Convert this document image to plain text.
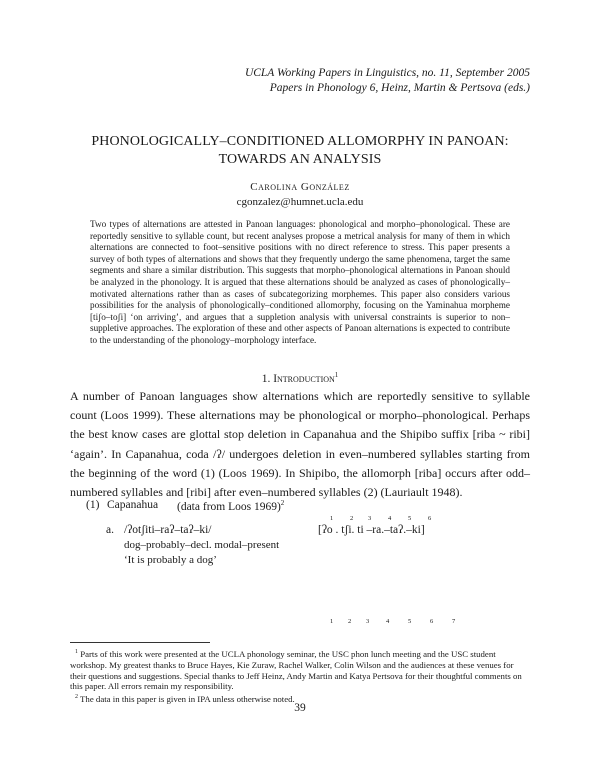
UCLA Working Papers in Linguistics, no. 11, September 2005
Papers in Phonology 6, Heinz, Martin & Pertsova (eds.)
PHONOLOGICALLY–CONDITIONED ALLOMORPHY IN PANOAN:
TOWARDS AN ANALYSIS
Carolina González
cgonzalez@humnet.ucla.edu
Two types of alternations are attested in Panoan languages: phonological and morpho–phonological. These are reportedly sensitive to syllable count, but recent analyses propose a metrical analysis for many of them in which alternations are connected to foot–sensitive positions with no direct reference to stress. This paper presents a survey of both types of alternations and shows that they frequently undergo the same phenomena, target the same segments and share a similar distribution. This suggests that morpho–phonological alternations in Panoan should be analyzed in the phonology. It is argued that these alternations should be analyzed as cases of phonologically–motivated alternations rather than as cases of subcategorizing morphemes. This paper also considers various possibilities for the analysis of phonologically–conditioned allomorphy, focusing on the Yaminahua morpheme [tiʃo–toʃi] ‘on arriving’, and argues that a suppletion analysis with universal constraints is superior to non–suppletive approaches. The exploration of these and other aspects of Panoan alternations is expected to contribute to the understanding of the phonology–morphology interface.
1. Introduction$^1$
A number of Panoan languages show alternations which are reportedly sensitive to syllable count (Loos 1999). These alternations may be phonological or morpho–phonological. Perhaps the best know cases are glottal stop deletion in Capanahua and the Shipibo suffix [riba ~ ribi] ‘again’. In Capanahua, coda /ʔ/ undergoes deletion in even–numbered syllables starting from the beginning of the word (1) (Loos 1969). In Shipibo, the allomorph [riba] occurs after odd–numbered syllables and [ribi] after even–numbered syllables (2) (Lauriault 1948).
(1) Capanahua (data from Loos 1969)$^2$
a. /ʔotʃiti–raʔ–taʔ–ki/
dog–probably–decl. modal–present
‘It is probably a dog’
1	2 3	4	5	6
[ʔo . tʃi. ti –ra.–taʔ.–ki]
1 2 3	4	5	6	7
$^1$ Parts of this work were presented at the UCLA phonology seminar, the USC phon lunch meeting and the USC student workshop. My greatest thanks to Bruce Hayes, Kie Zuraw, Rachel Walker, Colin Wilson and the audiences at these venues for their questions and suggestions. Special thanks to Jeff Heinz, Andy Martin and Katya Pertsova for their thoughtful comments on this paper. All errors remain my responsibility.
$^2$ The data in this paper is given in IPA unless otherwise noted.
39
